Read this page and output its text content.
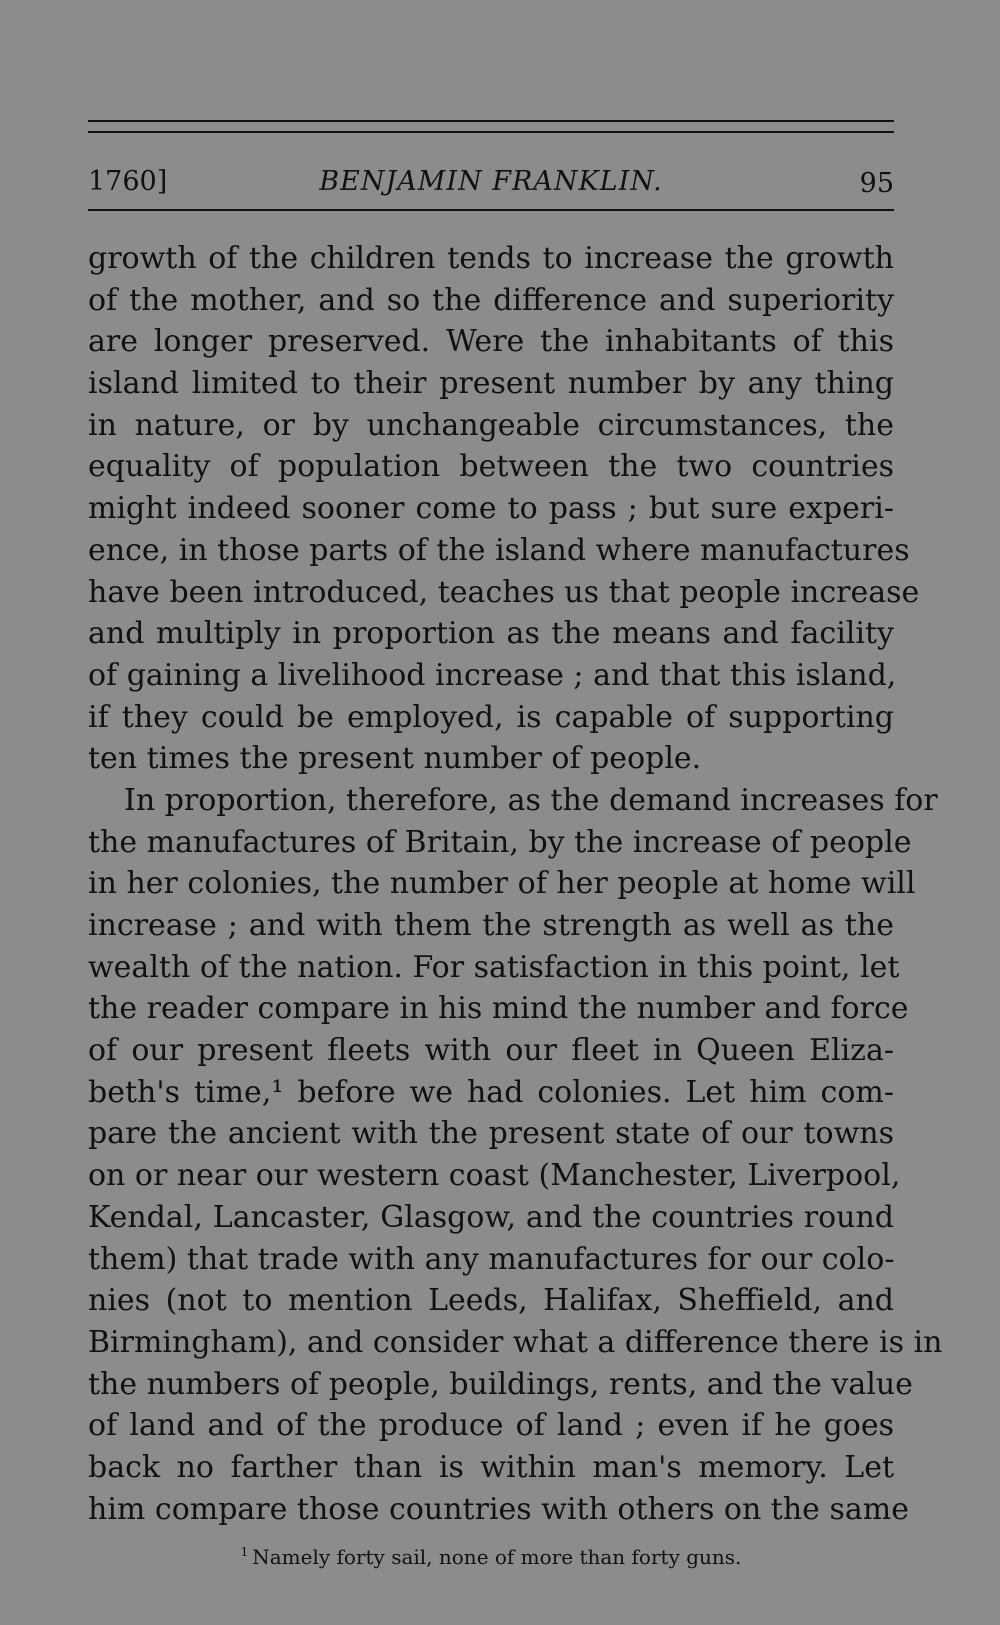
1760]	BENJAMIN FRANKLIN.	95
growth of the children tends to increase the growth
of the mother, and so the difference and superiority
are longer preserved. Were the inhabitants of this
island limited to their present number by any thing
in nature, or by unchangeable circumstances, the
equality of population between the two countries
might indeed sooner come to pass ; but sure experi-
ence, in those parts of the island where manufactures
have been introduced, teaches us that people increase
and multiply in proportion as the means and facility
of gaining a livelihood increase ; and that this island,
if they could be employed, is capable of supporting
ten times the present number of people.
In proportion, therefore, as the demand increases for
the manufactures of Britain, by the increase of people
in her colonies, the number of her people at home will
increase ; and with them the strength as well as the
wealth of the nation. For satisfaction in this point, let
the reader compare in his mind the number and force
of our present fleets with our fleet in Queen Eliza-
beth's time,¹ before we had colonies. Let him com-
pare the ancient with the present state of our towns
on or near our western coast (Manchester, Liverpool,
Kendal, Lancaster, Glasgow, and the countries round
them) that trade with any manufactures for our colo-
nies (not to mention Leeds, Halifax, Sheffield, and
Birmingham), and consider what a difference there is in
the numbers of people, buildings, rents, and the value
of land and of the produce of land ; even if he goes
back no farther than is within man's memory. Let
him compare those countries with others on the same
$^1$ Namely forty sail, none of more than forty guns.
